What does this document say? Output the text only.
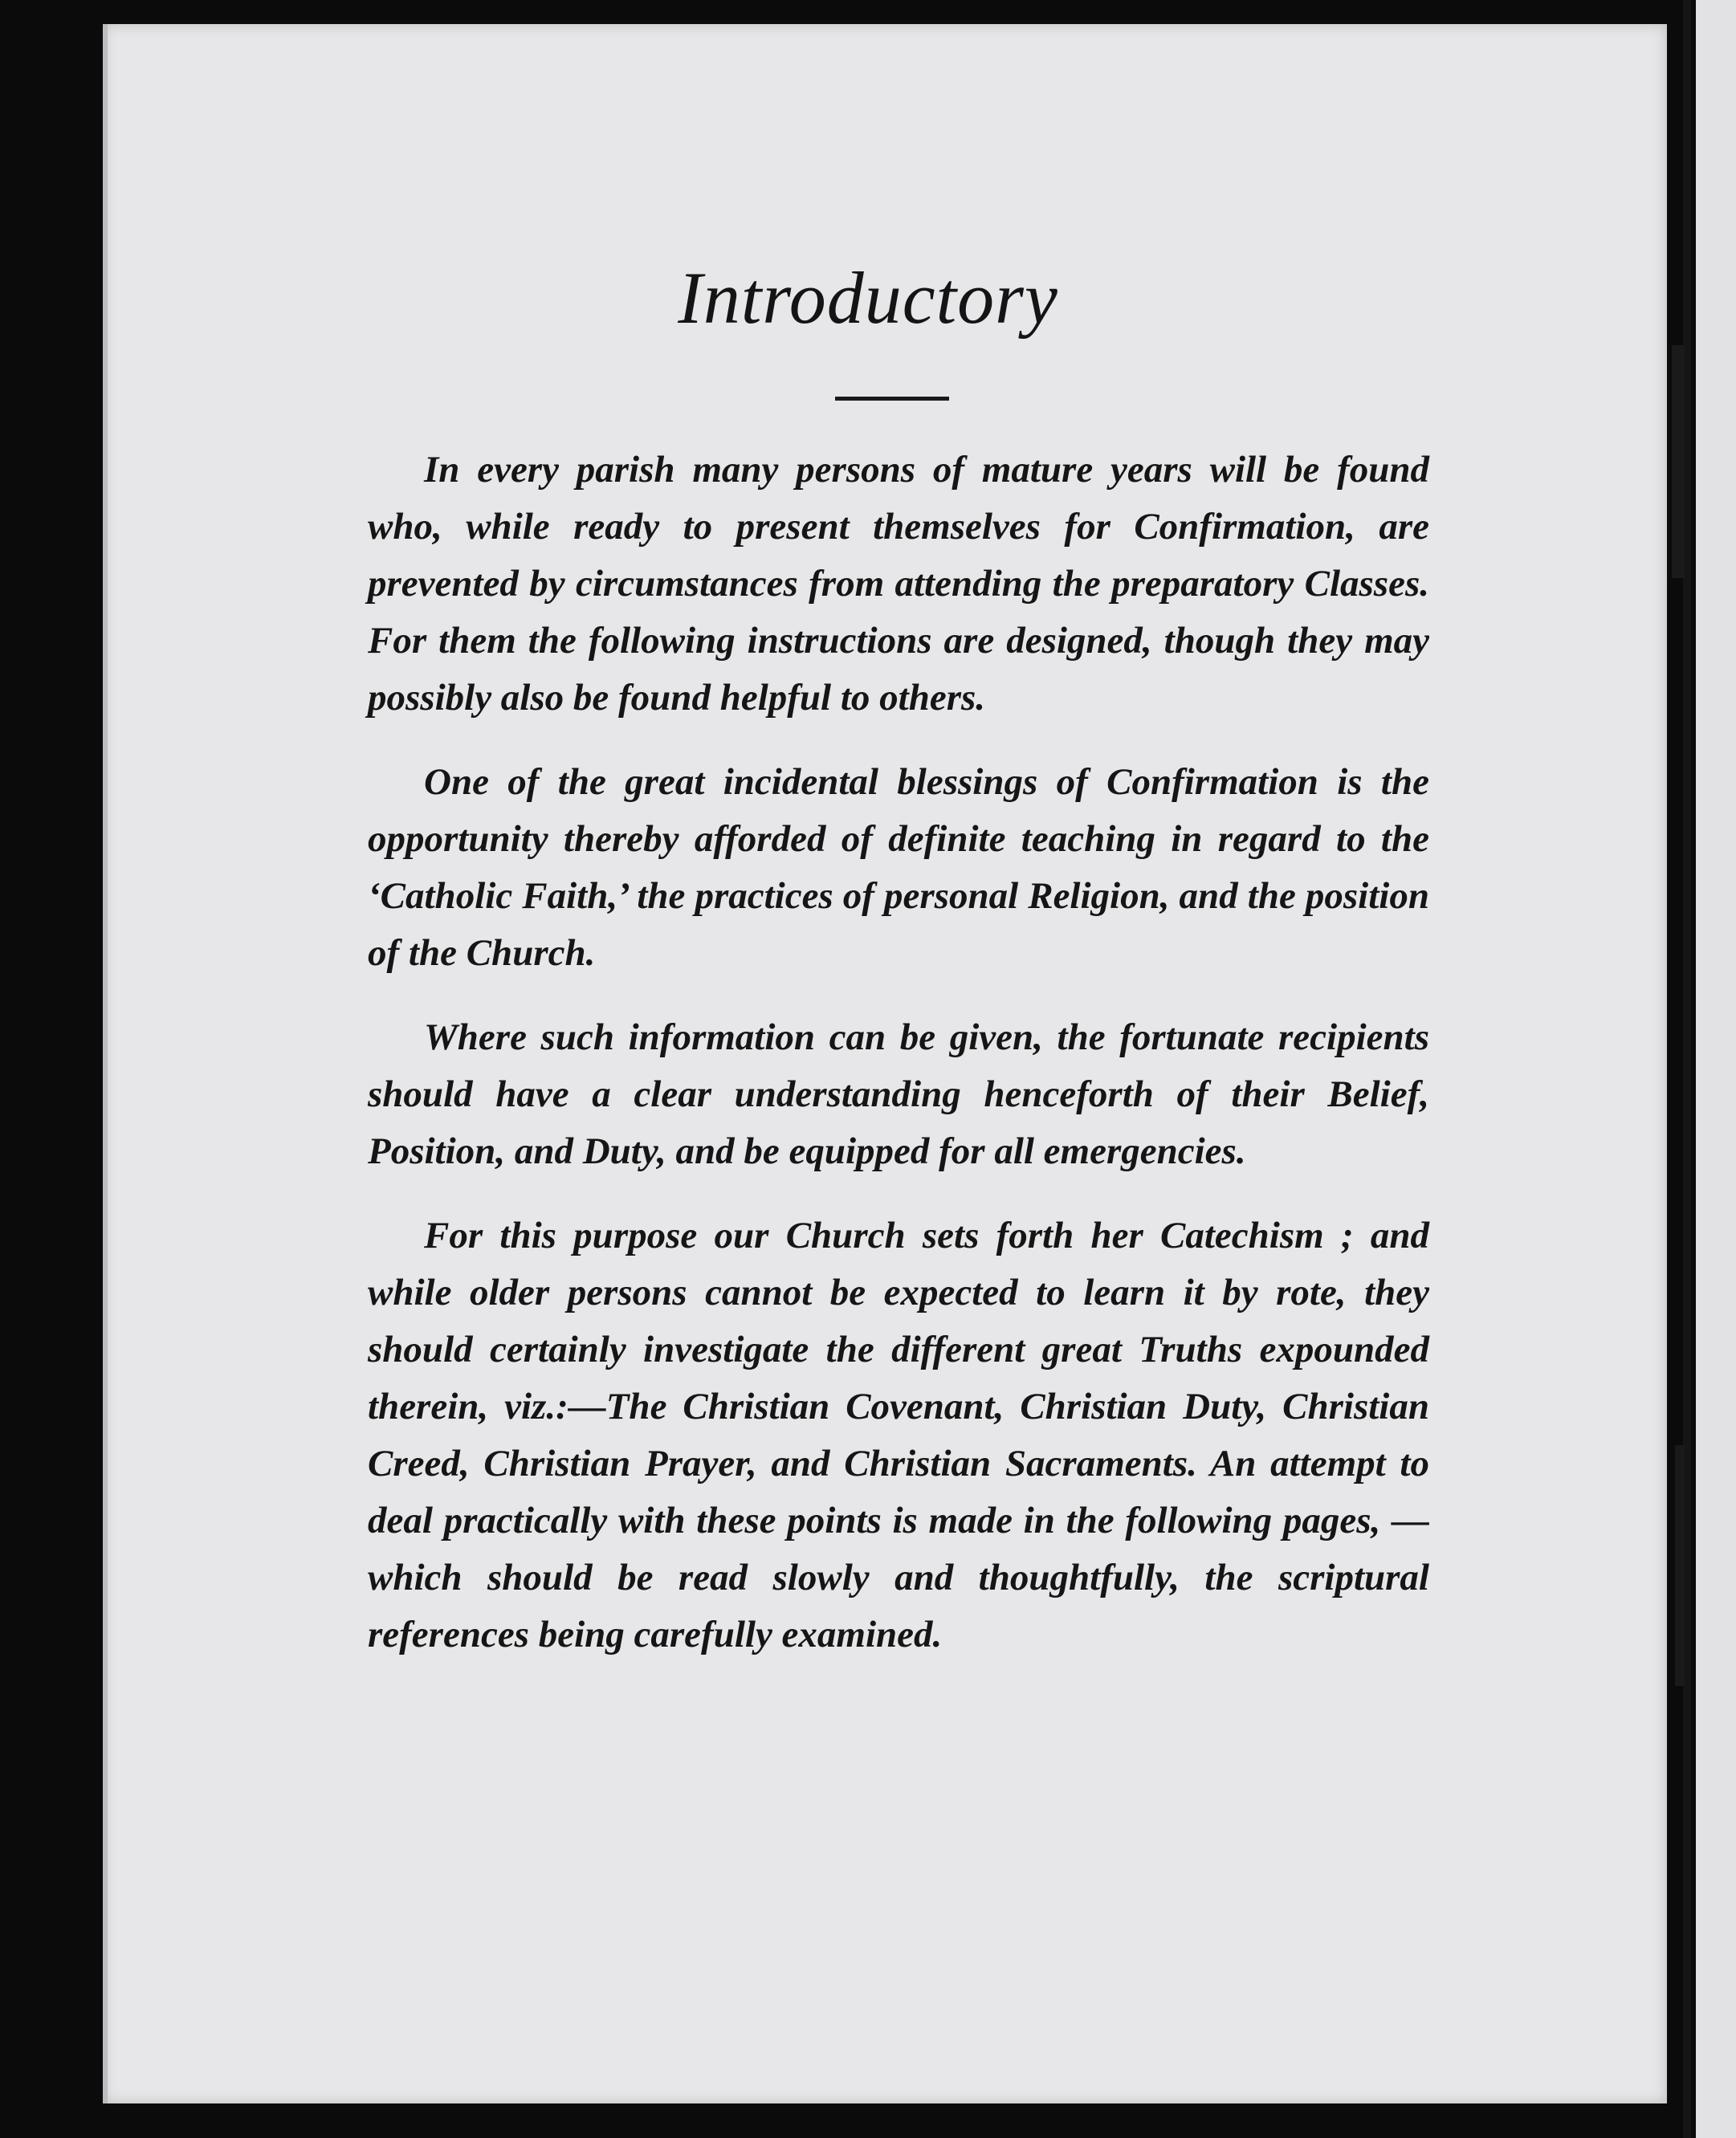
Introductory

In every parish many persons of mature years will be found who, while ready to present themselves for Confirmation, are prevented by circumstances from attending the preparatory Classes. For them the following instructions are designed, though they may possibly also be found helpful to others.

One of the great incidental blessings of Confirmation is the opportunity thereby afforded of definite teaching in regard to the ‘Catholic Faith,’ the practices of personal Religion, and the position of the Church.

Where such information can be given, the fortunate recipients should have a clear understanding henceforth of their Belief, Position, and Duty, and be equipped for all emergencies.

For this purpose our Church sets forth her Catechism ; and while older persons cannot be expected to learn it by rote, they should certainly investigate the different great Truths expounded therein, viz.:—The Christian Covenant, Christian Duty, Christian Creed, Christian Prayer, and Christian Sacraments. An attempt to deal practically with these points is made in the following pages, —which should be read slowly and thoughtfully, the scriptural references being carefully examined.
